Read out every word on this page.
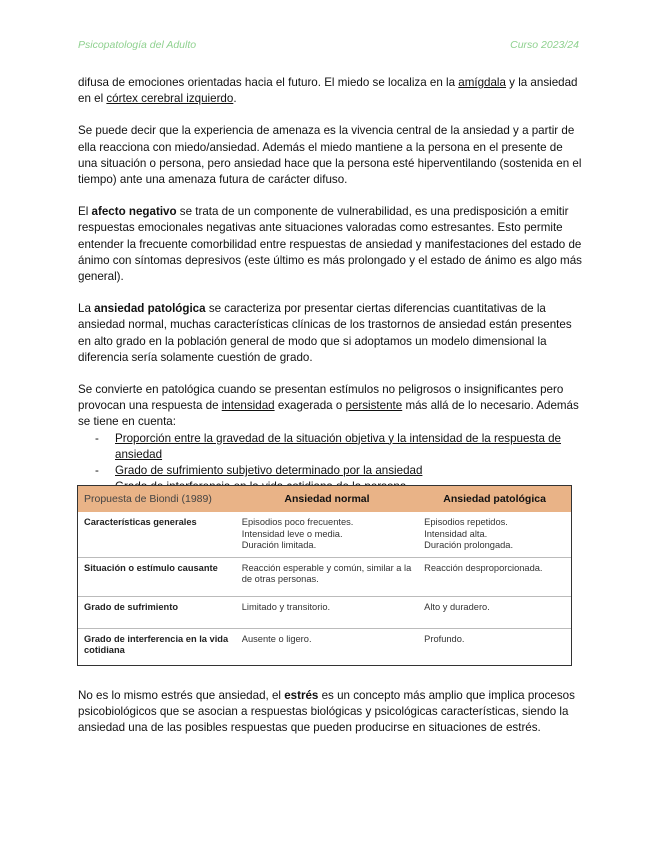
Psicopatología del Adulto	Curso 2023/24

difusa de emociones orientadas hacia el futuro. El miedo se localiza en la amígdala y la ansiedad en el córtex cerebral izquierdo.

Se puede decir que la experiencia de amenaza es la vivencia central de la ansiedad y a partir de ella reacciona con miedo/ansiedad. Además el miedo mantiene a la persona en el presente de una situación o persona, pero ansiedad hace que la persona esté hiperventilando (sostenida en el tiempo) ante una amenaza futura de carácter difuso.

El afecto negativo se trata de un componente de vulnerabilidad, es una predisposición a emitir respuestas emocionales negativas ante situaciones valoradas como estresantes. Esto permite entender la frecuente comorbilidad entre respuestas de ansiedad y manifestaciones del estado de ánimo con síntomas depresivos (este último es más prolongado y el estado de ánimo es algo más general).

La ansiedad patológica se caracteriza por presentar ciertas diferencias cuantitativas de la ansiedad normal, muchas características clínicas de los trastornos de ansiedad están presentes en alto grado en la población general de modo que si adoptamos un modelo dimensional la diferencia sería solamente cuestión de grado.

Se convierte en patológica cuando se presentan estímulos no peligrosos o insignificantes pero provocan una respuesta de intensidad exagerada o persistente más allá de lo necesario. Además se tiene en cuenta:

- Proporción entre la gravedad de la situación objetiva y la intensidad de la respuesta de ansiedad
- Grado de sufrimiento subjetivo determinado por la ansiedad
Propuesta de Biondi (1989)	Ansiedad normal	Ansiedad patológica
Características generales	Episodios poco frecuentes.
Intensidad leve o media.
Duración limitada.	Episodios repetidos.
Intensidad alta.
Duración prolongada.

Situación o estímulo causante	Reacción esperable y común, similar a la de otras personas.	Reacción desproporcionada.
Grado de sufrimiento	Limitado y transitorio.	Alto y duradero.
Grado de interferencia en la vida cotidiana	Ausente o ligero.	Profundo.

No es lo mismo estrés que ansiedad, el estrés es un concepto más amplio que implica procesos psicobiológicos que se asocian a respuestas biológicas y psicológicas características, siendo la ansiedad una de las posibles respuestas que pueden producirse en situaciones de estrés.
